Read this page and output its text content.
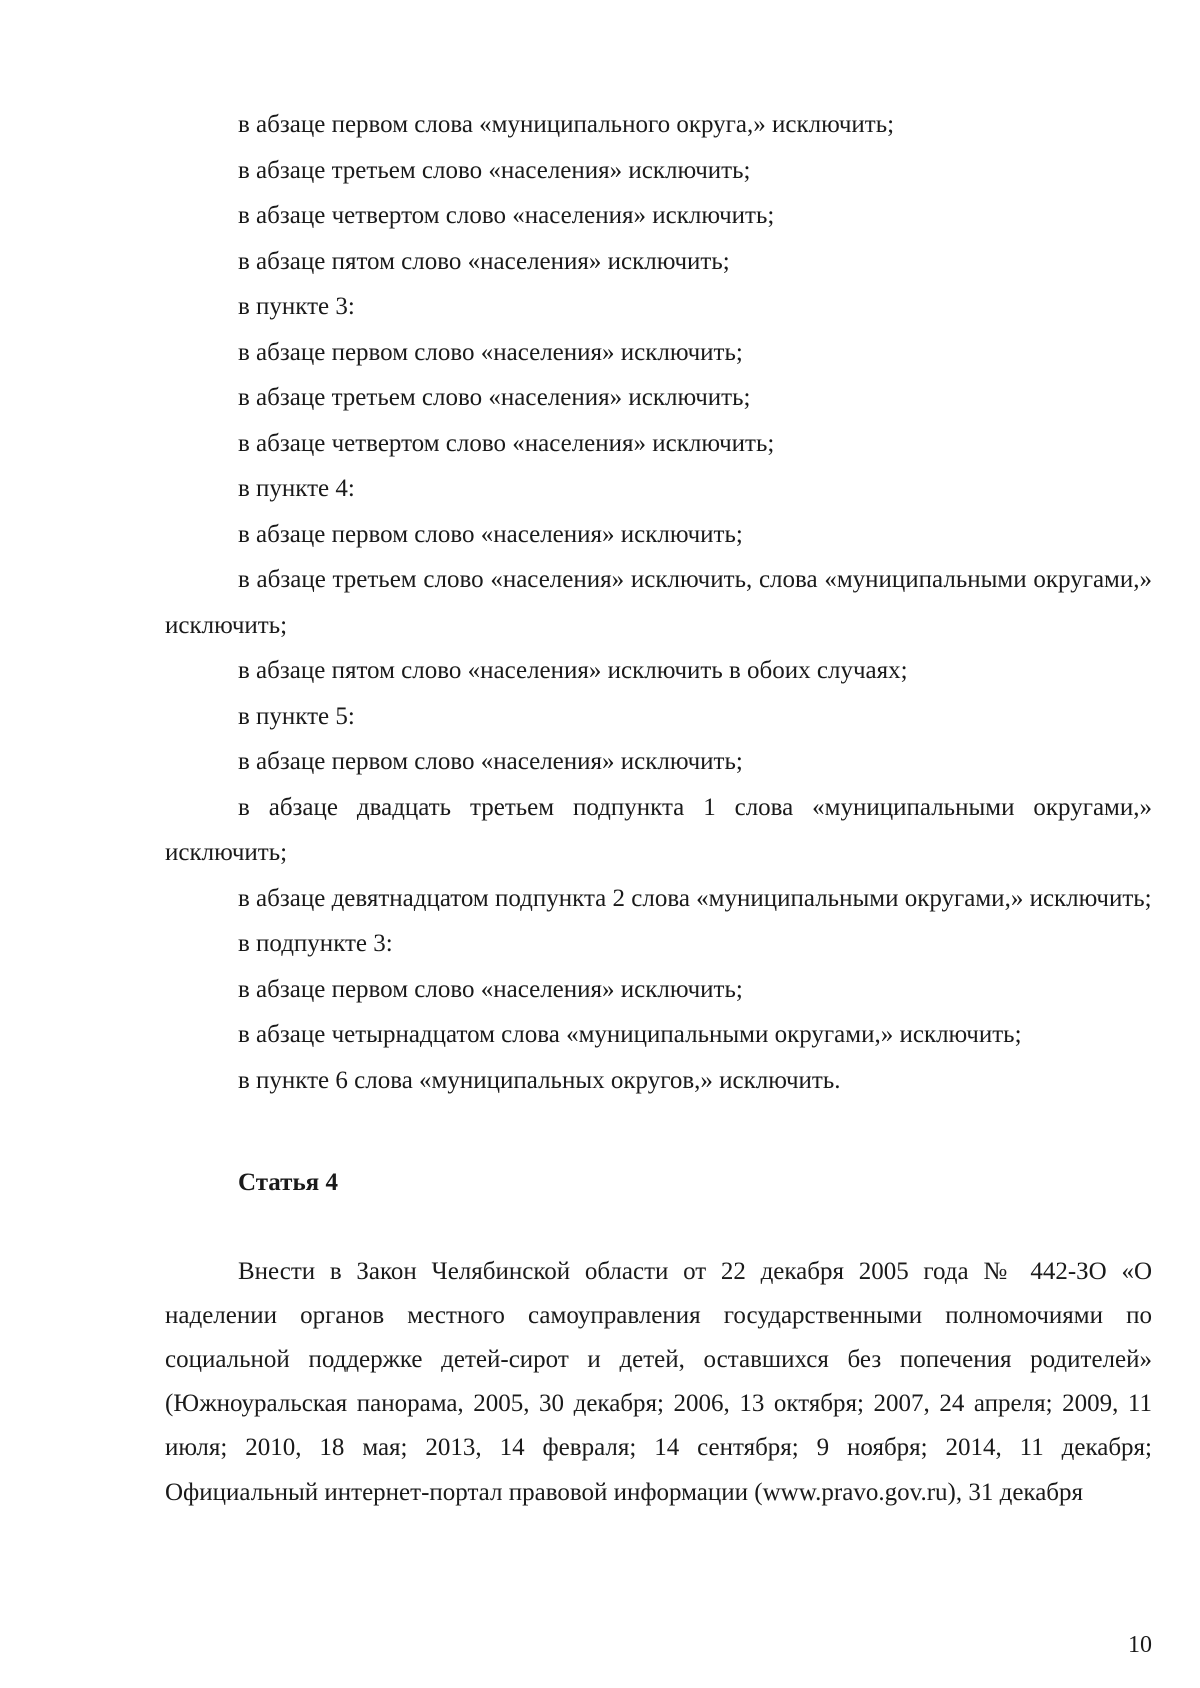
в абзаце первом слова «муниципального округа,» исключить;

в абзаце третьем слово «населения» исключить;

в абзаце четвертом слово «населения» исключить;

в абзаце пятом слово «населения» исключить;

в пункте 3:

в абзаце первом слово «населения» исключить;

в абзаце третьем слово «населения» исключить;

в абзаце четвертом слово «населения» исключить;

в пункте 4:

в абзаце первом слово «населения» исключить;

в абзаце третьем слово «населения» исключить, слова «муниципальными округами,» исключить;

в абзаце пятом слово «населения» исключить в обоих случаях;

в пункте 5:

в абзаце первом слово «населения» исключить;

в абзаце двадцать третьем подпункта 1 слова «муниципальными округами,» исключить;

в абзаце девятнадцатом подпункта 2 слова «муниципальными округами,» исключить;

в подпункте 3:

в абзаце первом слово «населения» исключить;

в абзаце четырнадцатом слова «муниципальными округами,» исключить;

в пункте 6 слова «муниципальных округов,» исключить.

Статья 4

Внести в Закон Челябинской области от 22 декабря 2005 года № 442-ЗО «О наделении органов местного самоуправления государственными полномочиями по социальной поддержке детей-сирот и детей, оставшихся без попечения родителей» (Южноуральская панорама, 2005, 30 декабря; 2006, 13 октября; 2007, 24 апреля; 2009, 11 июля; 2010, 18 мая; 2013, 14 февраля; 14 сентября; 9 ноября; 2014, 11 декабря; Официальный интернет-портал правовой информации (www.pravo.gov.ru), 31 декабря

10
